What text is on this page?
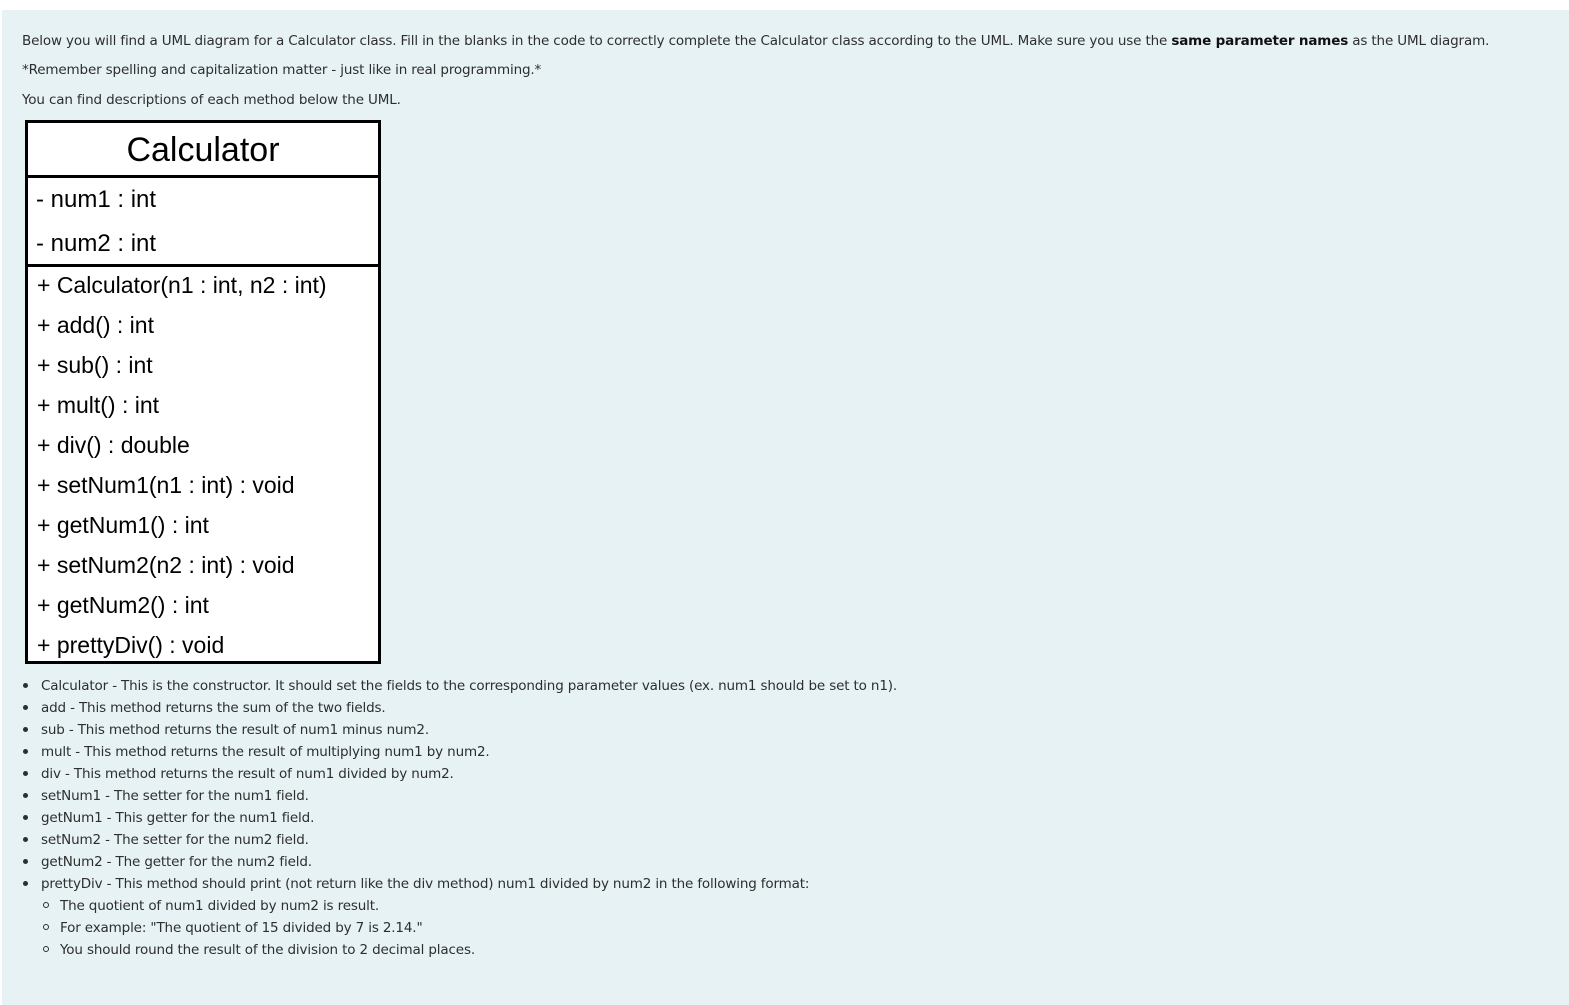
Below you will find a UML diagram for a Calculator class. Fill in the blanks in the code to correctly complete the Calculator class according to the UML. Make sure you use the same parameter names as the UML diagram.

*Remember spelling and capitalization matter - just like in real programming.*

You can find descriptions of each method below the UML.

Calculator
- num1 : int
- num2 : int
+ Calculator(n1 : int, n2 : int)
+ add() : int
+ sub() : int
+ mult() : int
+ div() : double
+ setNum1(n1 : int) : void
+ getNum1() : int
+ setNum2(n2 : int) : void
+ getNum2() : int
+ prettyDiv() : void
Calculator - This is the constructor. It should set the fields to the corresponding parameter values (ex. num1 should be set to n1).
add - This method returns the sum of the two fields.
sub - This method returns the result of num1 minus num2.
mult - This method returns the result of multiplying num1 by num2.
div - This method returns the result of num1 divided by num2.
setNum1 - The setter for the num1 field.
getNum1 - This getter for the num1 field.
setNum2 - The setter for the num2 field.
getNum2 - The getter for the num2 field.
prettyDiv - This method should print (not return like the div method) num1 divided by num2 in the following format:
The quotient of num1 divided by num2 is result.
For example: "The quotient of 15 divided by 7 is 2.14."
You should round the result of the division to 2 decimal places.
